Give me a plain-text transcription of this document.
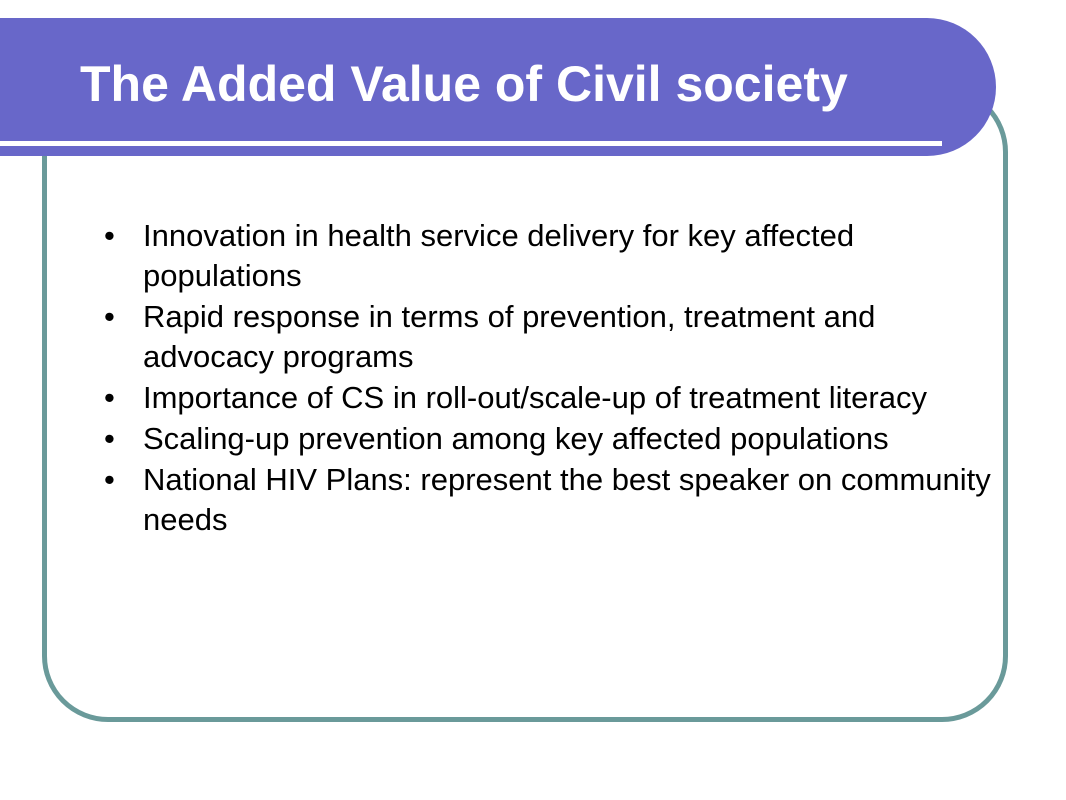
The Added Value of Civil society
• Innovation in health service delivery for key affected populations
• Rapid response in terms of prevention, treatment and advocacy programs
• Importance of CS in roll-out/scale-up of treatment literacy
• Scaling-up prevention among key affected populations
• National HIV Plans: represent the best speaker on community needs
